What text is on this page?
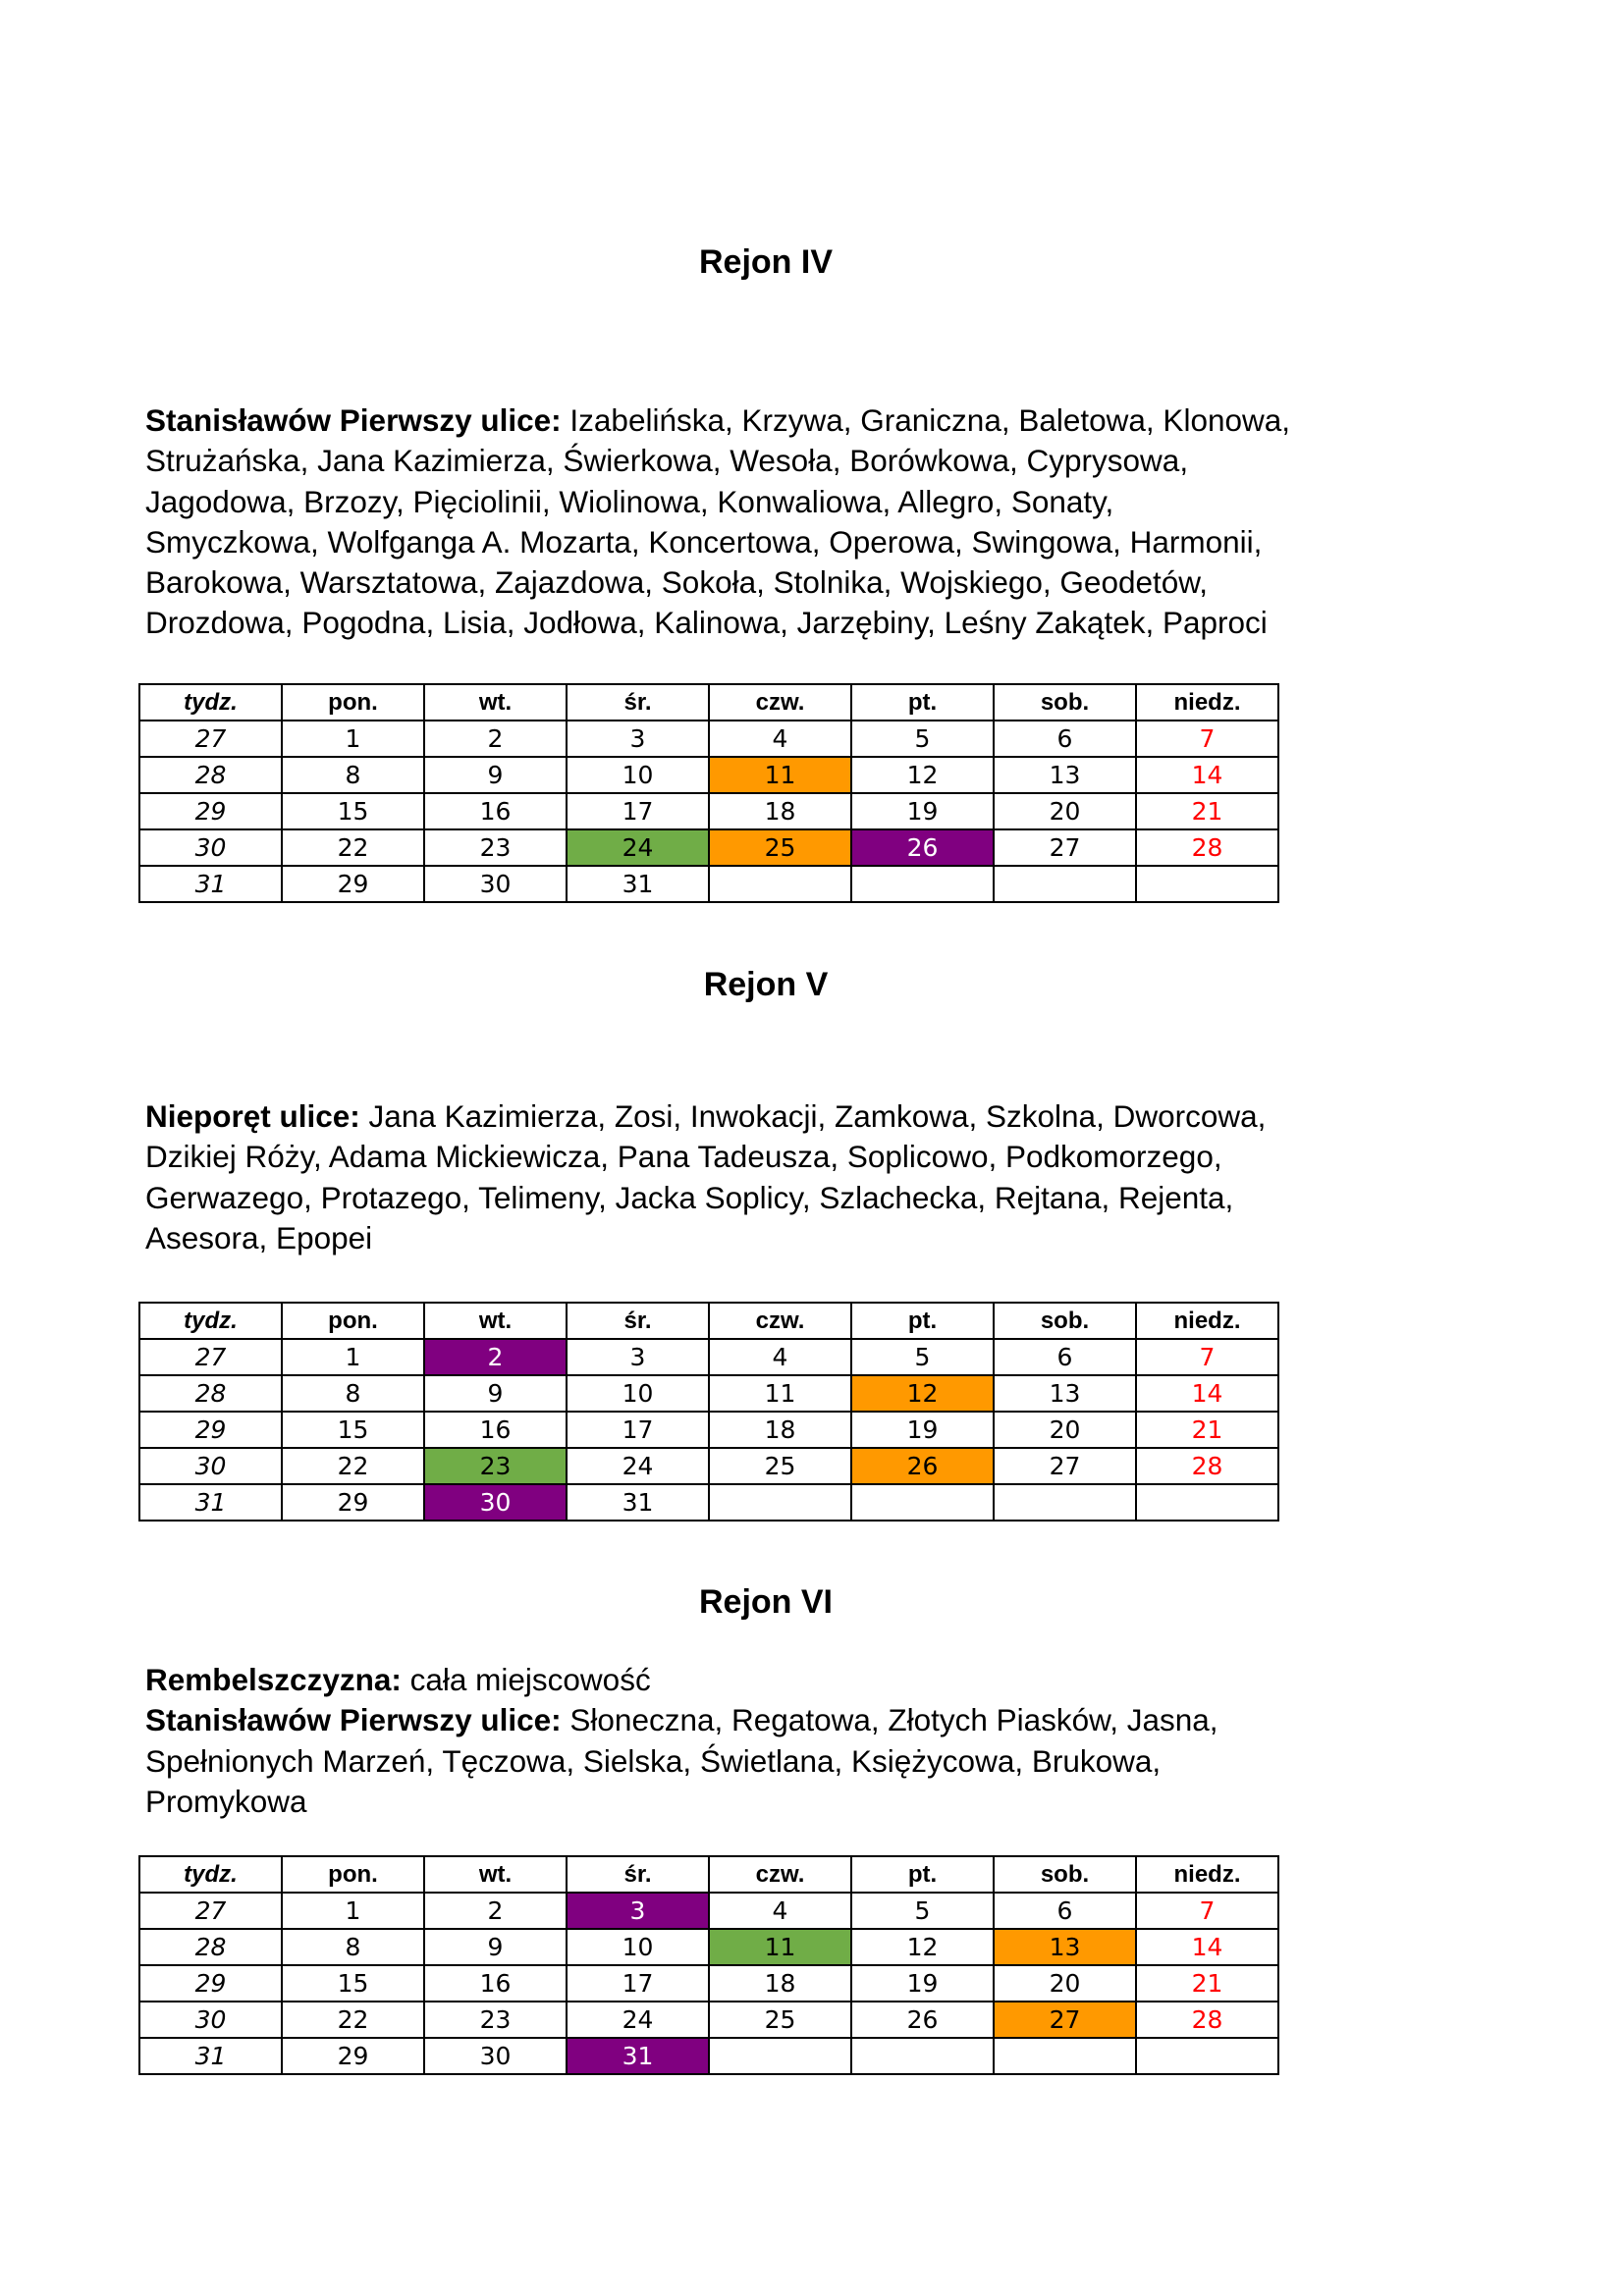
Rejon IV
Stanisławów Pierwszy ulice: Izabelińska, Krzywa, Graniczna, Baletowa, Klonowa,
Strużańska, Jana Kazimierza, Świerkowa, Wesoła, Borówkowa, Cyprysowa,
Jagodowa, Brzozy, Pięciolinii, Wiolinowa, Konwaliowa, Allegro, Sonaty,
Smyczkowa, Wolfganga A. Mozarta, Koncertowa, Operowa, Swingowa, Harmonii,
Barokowa, Warsztatowa, Zajazdowa, Sokoła, Stolnika, Wojskiego, Geodetów,
Drozdowa, Pogodna, Lisia, Jodłowa, Kalinowa, Jarzębiny, Leśny Zakątek, Paproci
tydz.	pon.	wt.	śr.	czw.	pt.	sob.	niedz.
27	1	2	3	4	5	6	7
28	8	9	10	11	12	13	14
29	15	16	17	18	19	20	21
30	22	23	24	25	26	27	28
31	29	30	31				
Rejon V
Nieporęt ulice: Jana Kazimierza, Zosi, Inwokacji, Zamkowa, Szkolna, Dworcowa,
Dzikiej Róży, Adama Mickiewicza, Pana Tadeusza, Soplicowo, Podkomorzego,
Gerwazego, Protazego, Telimeny, Jacka Soplicy, Szlachecka, Rejtana, Rejenta,
Asesora, Epopei
tydz.	pon.	wt.	śr.	czw.	pt.	sob.	niedz.
27	1	2	3	4	5	6	7
28	8	9	10	11	12	13	14
29	15	16	17	18	19	20	21
30	22	23	24	25	26	27	28
31	29	30	31				
Rejon VI
Rembelszczyzna: cała miejscowość
Stanisławów Pierwszy ulice: Słoneczna, Regatowa, Złotych Piasków, Jasna,
Spełnionych Marzeń, Tęczowa, Sielska, Świetlana, Księżycowa, Brukowa,
Promykowa
tydz.	pon.	wt.	śr.	czw.	pt.	sob.	niedz.
27	1	2	3	4	5	6	7
28	8	9	10	11	12	13	14
29	15	16	17	18	19	20	21
30	22	23	24	25	26	27	28
31	29	30	31				
